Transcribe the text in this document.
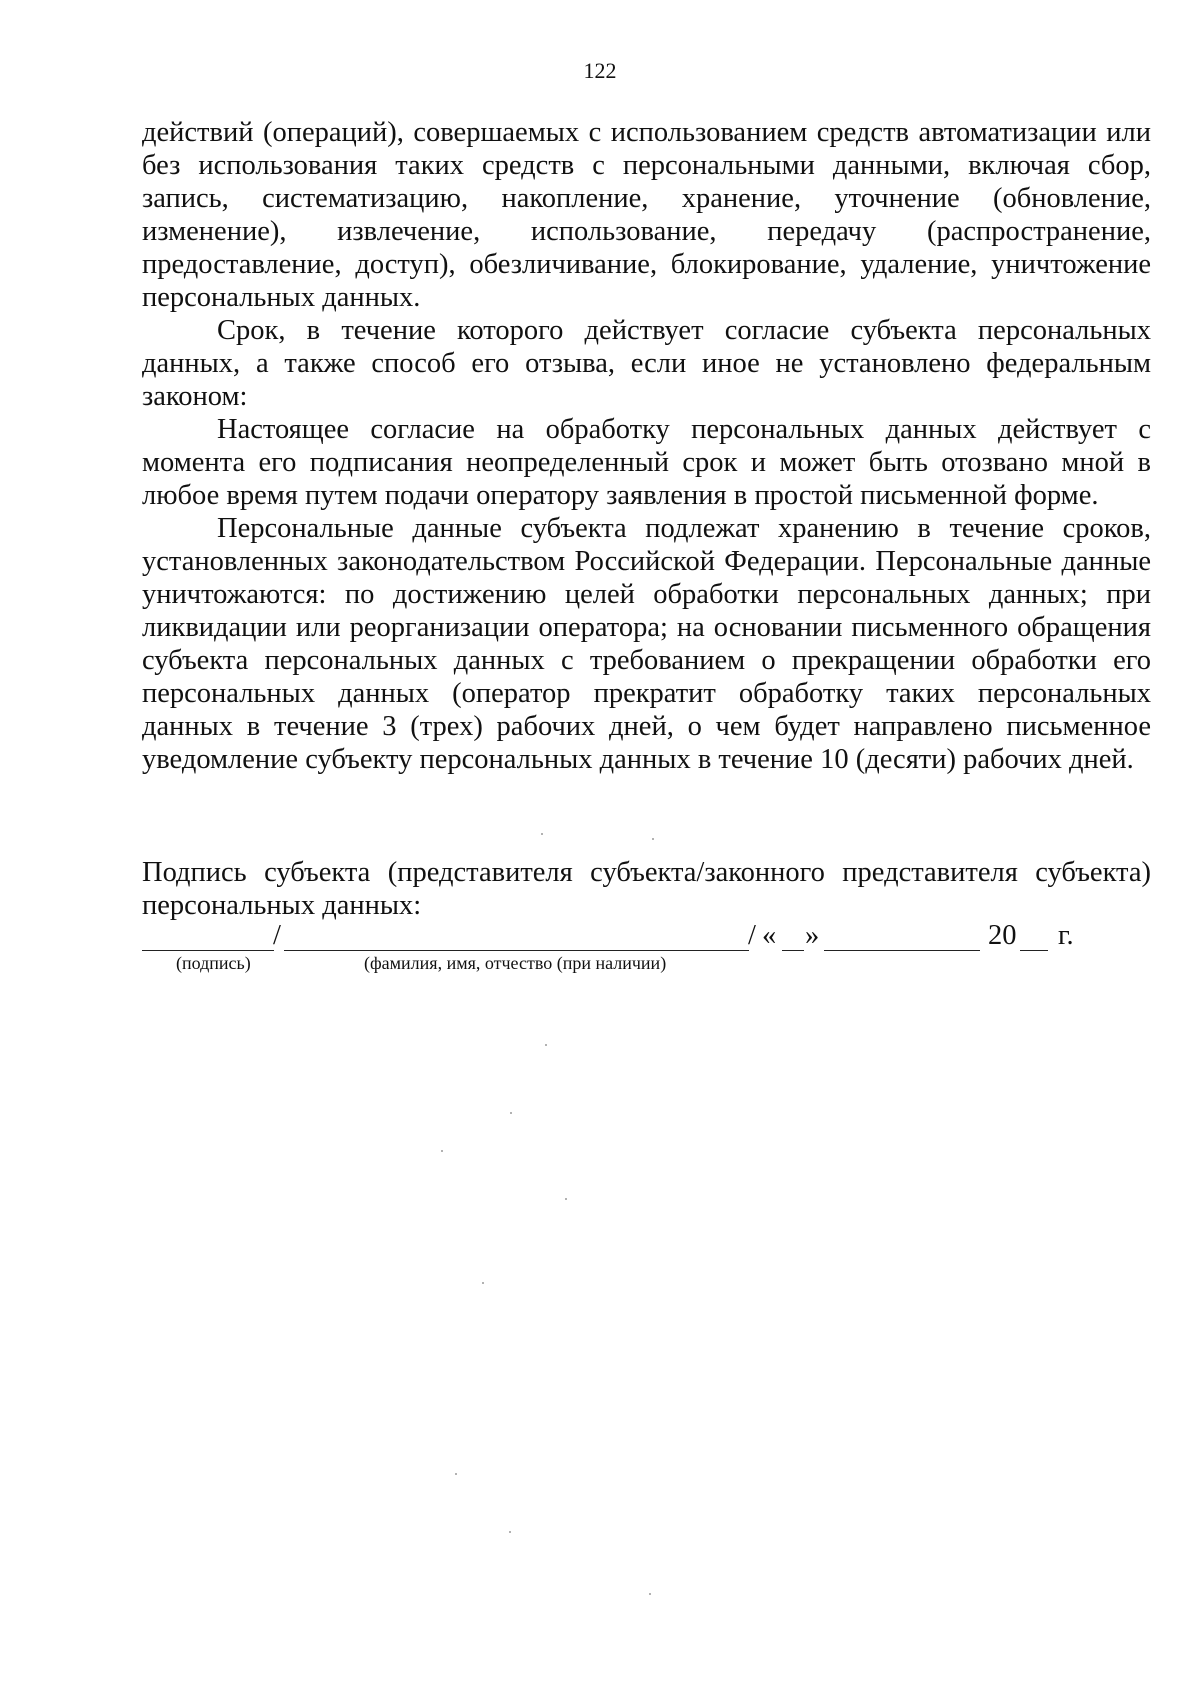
122

действий (операций), совершаемых с использованием средств автоматизации или без использования таких средств с персональными данными, включая сбор, запись, систематизацию, накопление, хранение, уточнение (обновление, изменение), извлечение, использование, передачу (распространение, предоставление, доступ), обезличивание, блокирование, удаление, уничтожение персональных данных.

Срок, в течение которого действует согласие субъекта персональных данных, а также способ его отзыва, если иное не установлено федеральным законом:

Настоящее согласие на обработку персональных данных действует с момента его подписания неопределенный срок и может быть отозвано мной в любое время путем подачи оператору заявления в простой письменной форме.

Персональные данные субъекта подлежат хранению в течение сроков, установленных законодательством Российской Федерации. Персональные данные уничтожаются: по достижению целей обработки персональных данных; при ликвидации или реорганизации оператора; на основании письменного обращения субъекта персональных данных с требованием о прекращении обработки его персональных данных (оператор прекратит обработку таких персональных данных в течение 3 (трех) рабочих дней, о чем будет направлено письменное уведомление субъекту персональных данных в течение 10 (десяти) рабочих дней.

Подпись субъекта (представителя субъекта/законного представителя субъекта) персональных данных:

/	/ « »	20 г.
(подпись)	(фамилия, имя, отчество (при наличии)
